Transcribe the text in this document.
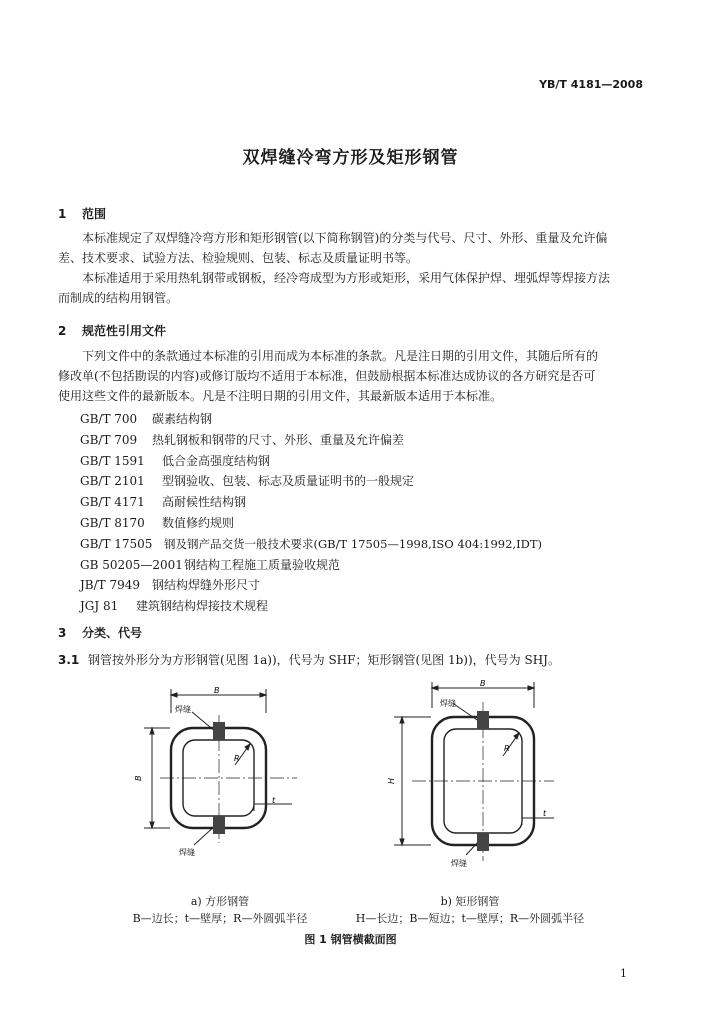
YB/T 4181—2008
双焊缝冷弯方形及矩形钢管
1 范围
本标准规定了双焊缝冷弯方形和矩形钢管(以下简称钢管)的分类与代号、尺寸、外形、重量及允许偏
差、技术要求、试验方法、检验规则、包装、标志及质量证明书等。
本标准适用于采用热轧钢带或钢板，经冷弯成型为方形或矩形，采用气体保护焊、埋弧焊等焊接方法
而制成的结构用钢管。
2 规范性引用文件
下列文件中的条款通过本标准的引用而成为本标准的条款。凡是注日期的引用文件，其随后所有的
修改单(不包括勘误的内容)或修订版均不适用于本标准，但鼓励根据本标准达成协议的各方研究是否可
使用这些文件的最新版本。凡是不注明日期的引用文件，其最新版本适用于本标准。
GB/T 700 碳素结构钢
GB/T 709 热轧钢板和钢带的尺寸、外形、重量及允许偏差
GB/T 1591 低合金高强度结构钢
GB/T 2101 型钢验收、包装、标志及质量证明书的一般规定
GB/T 4171 高耐候性结构钢
GB/T 8170 数值修约规则
GB/T 17505 钢及钢产品交货一般技术要求(GB/T 17505—1998,ISO 404:1992,IDT)
GB 50205—2001钢结构工程施工质量验收规范
JB/T 7949 钢结构焊缝外形尺寸
JGJ 81 建筑钢结构焊接技术规程
3 分类、代号
3.1 钢管按外形分为方形钢管(见图 1a))，代号为 SHF；矩形钢管(见图 1b))，代号为 SHJ。
B
B
R
t
焊缝
焊缝
B
H
R
t
焊缝
焊缝
a) 方形钢管
B—边长；t—壁厚；R—外圆弧半径
b) 矩形钢管
H—长边；B—短边；t—壁厚；R—外圆弧半径
图 1 钢管横截面图
1
